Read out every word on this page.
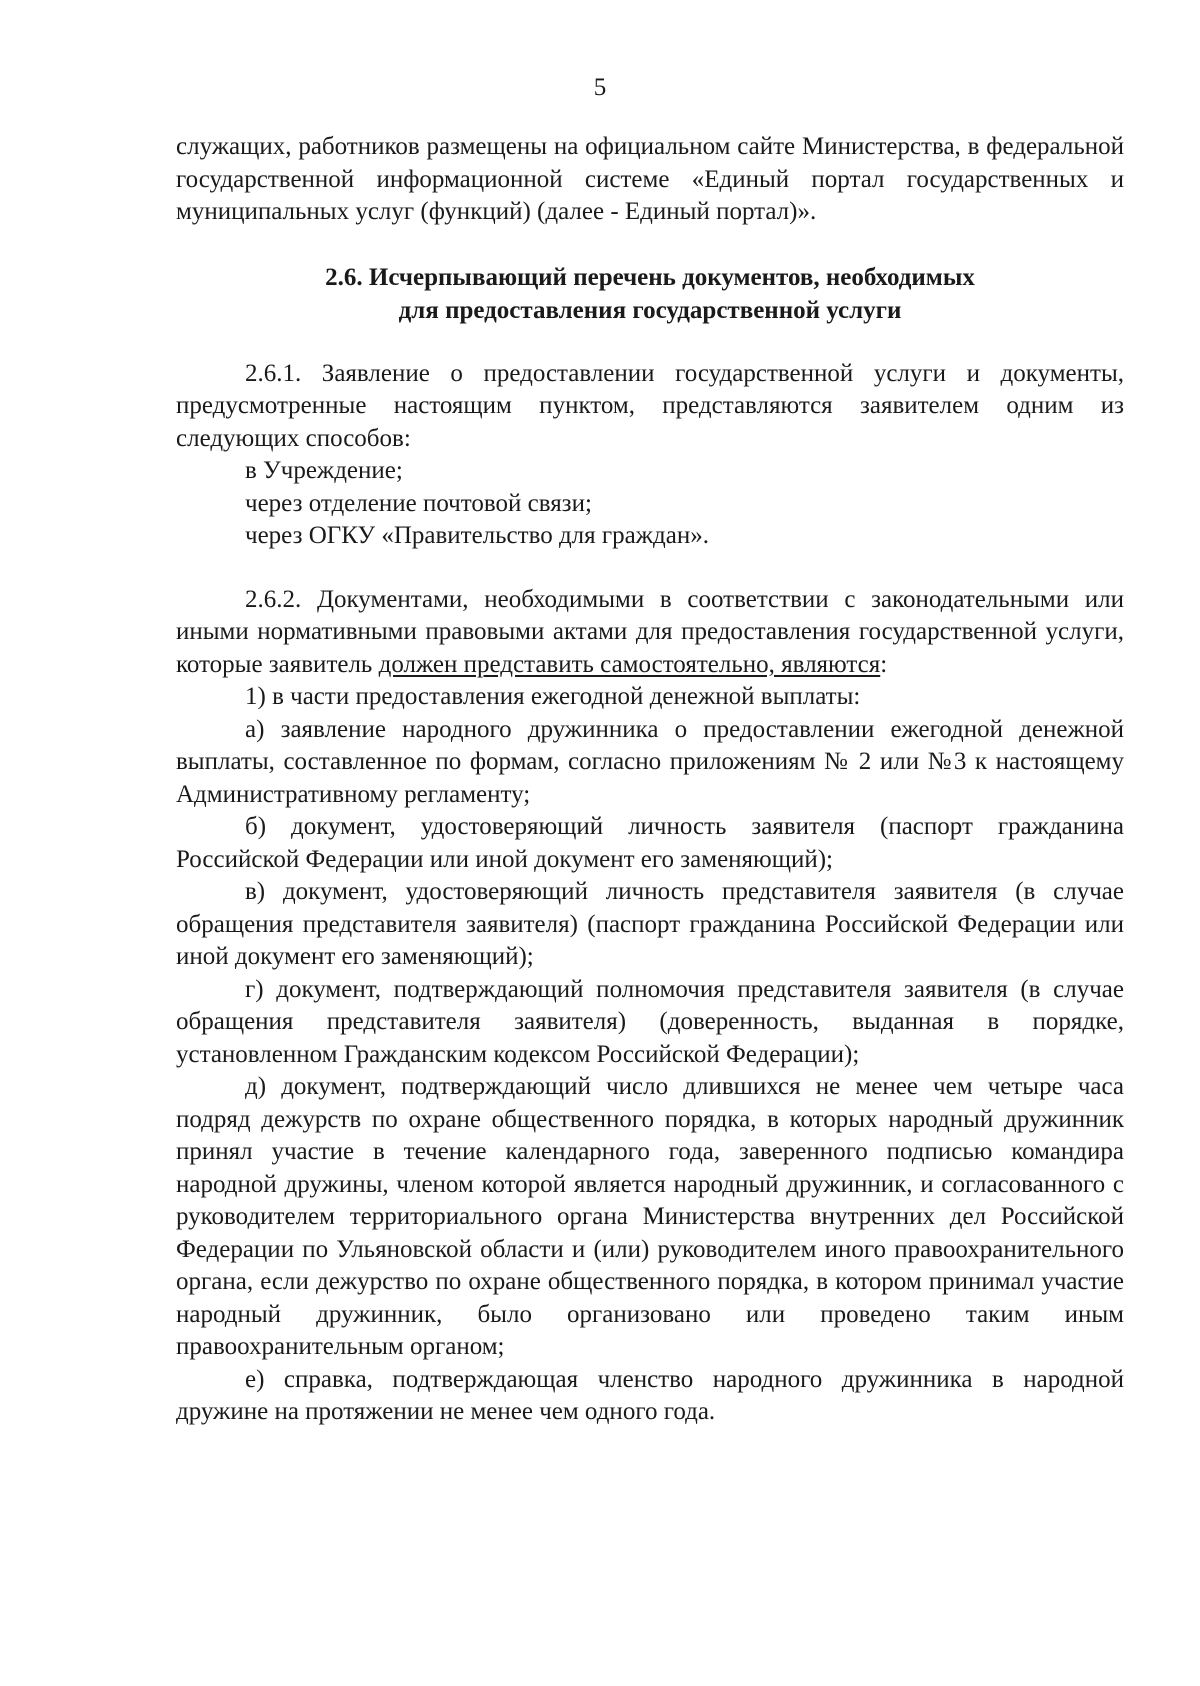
5

служащих, работников размещены на официальном сайте Министерства, в федеральной государственной информационной системе «Единый портал государственных и муниципальных услуг (функций) (далее - Единый портал)».

2.6. Исчерпывающий перечень документов, необходимых
для предоставления государственной услуги

2.6.1. Заявление о предоставлении государственной услуги и документы, предусмотренные настоящим пунктом, представляются заявителем одним из следующих способов:

в Учреждение;

через отделение почтовой связи;

через ОГКУ «Правительство для граждан».

2.6.2. Документами, необходимыми в соответствии с законодательными или иными нормативными правовыми актами для предоставления государственной услуги, которые заявитель должен представить самостоятельно, являются:

1) в части предоставления ежегодной денежной выплаты:

а) заявление народного дружинника о предоставлении ежегодной денежной выплаты, составленное по формам, согласно приложениям № 2 или №3 к настоящему Административному регламенту;

б) документ, удостоверяющий личность заявителя (паспорт гражданина Российской Федерации или иной документ его заменяющий);

в) документ, удостоверяющий личность представителя заявителя (в случае обращения представителя заявителя) (паспорт гражданина Российской Федерации или иной документ его заменяющий);

г) документ, подтверждающий полномочия представителя заявителя (в случае обращения представителя заявителя) (доверенность, выданная в порядке, установленном Гражданским кодексом Российской Федерации);

д) документ, подтверждающий число длившихся не менее чем четыре часа подряд дежурств по охране общественного порядка, в которых народный дружинник принял участие в течение календарного года, заверенного подписью командира народной дружины, членом которой является народный дружинник, и согласованного с руководителем территориального органа Министерства внутренних дел Российской Федерации по Ульяновской области и (или) руководителем иного правоохранительного органа, если дежурство по охране общественного порядка, в котором принимал участие народный дружинник, было организовано или проведено таким иным правоохранительным органом;

е) справка, подтверждающая членство народного дружинника в народной дружине на протяжении не менее чем одного года.
